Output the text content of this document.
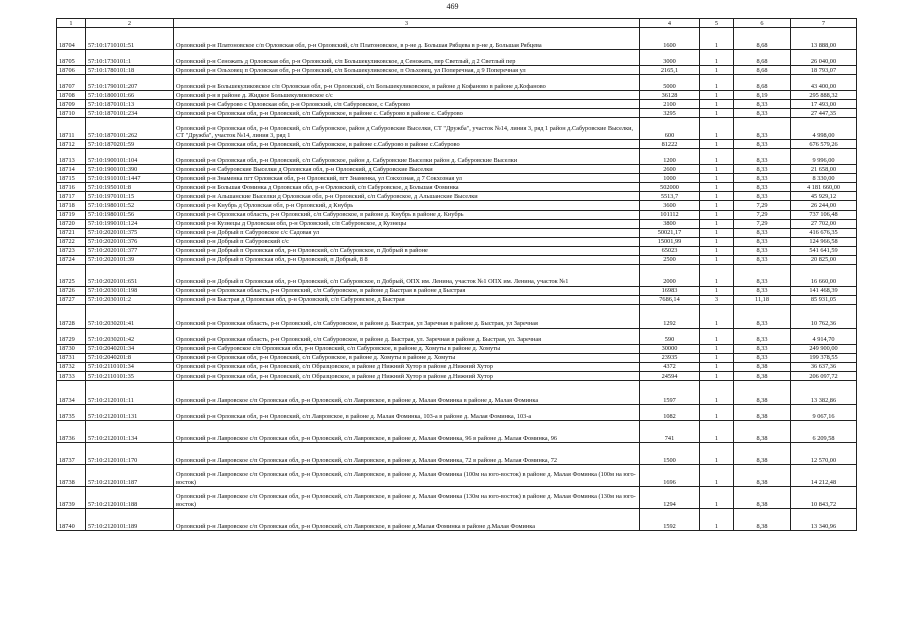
469
1	2	3	4	5	6	7
18704	57:10:1710101:51	Орловский р-н Платоновское с/п Орловская обл, р-н Орловский, с/п Платоновское, в р-не д. Большая Рябцева в р-не д. Большая Рябцева	1600	1	8,68	13 888,00
18705	57:10:1730101:1	Орловский р-н Сеножать д Орловская обл, р-н Орловский, с/п Большекуликовское, д Сеножать, пер Светлый, д 2 Светлый пер	3000	1	8,68	26 040,00
18706	57:10:1780101:18	Орловский р-н Ольховец п Орловская обл, р-н Орловский, с/п Большекуликовское, п Ольховец, ул Поперечная, д 9 Поперечная ул	2165,1	1	8,68	18 793,07
18707	57:10:1790101:207	Орловский р-н Большекуликовское с/п Орловская обл, р-н Орловский, с/п Большекуликовское, в районе д Кофаново в районе д.Кофаново	5000	1	8,68	43 400,00
18708	57:10:1800101:66	Орловский р-н в районе д. Жидкое Большекуликовское с/с	36128	1	8,19	295 888,32
18709	57:10:1870101:13	Орловский р-н Сабурово с Орловская обл, р-н Орловский, с/п Сабуровское, с Сабурово	2100	1	8,33	17 493,00
18710	57:10:1870101:234	Орловский р-н Орловская обл, р-н Орловский, с/п Сабуровское, в районе с. Сабурово в районе с. Сабурово	3295	1	8,33	27 447,35
18711	57:10:1870101:262	Орловский р-н Орловская обл, р-н Орловский, с/п Сабуровское, район д Сабуровские Выселки, СТ "Дружба", участок №14, линия 3, ряд 1 район д.Сабуровские Выселки, СТ "Дружба", участок №14, линия 3, ряд 1	600	1	8,33	4 998,00
18712	57:10:1870201:59	Орловский р-н Орловская обл, р-н Орловский, с/п Сабуровское, в районе с.Сабурово в районе с.Сабурово	81222	1	8,33	676 579,26
18713	57:10:1900101:104	Орловский р-н Орловская обл, р-н Орловский, с/п Сабуровское, район д. Сабуровские Выселки район д. Сабуровские Выселки	1200	1	8,33	9 996,00
18714	57:10:1900101:390	Орловский р-н Сабуровские Выселки д Орловская обл, р-н Орловский, д Сабуровские Выселки	2600	1	8,33	21 658,00
18715	57:10:1910101:1447	Орловский р-н Знаменка пгт Орловская обл, р-н Орловский, пгт Знаменка, ул Сокхозная, д 7 Сокхозная ул	1000	1	8,33	8 330,00
18716	57:10:1950101:8	Орловский р-н Большая Фоминка д Орловская обл, р-н Орловский, с/п Сабуровское, д Большая Фоминка	502000	1	8,33	4 181 660,00
18717	57:10:1970101:15	Орловский р-н Альшанские Выселки д Орловская обл, р-н Орловский, с/п Сабуровское, д Альшанские Выселки	5513,7	1	8,33	45 929,12
18718	57:10:1980101:52	Орловский р-н Кнубрь д Орловская обл, р-н Орловский, д Кнубрь	3600	1	7,29	26 244,00
18719	57:10:1980101:56	Орловский р-н Орловская область, р-н Орловский, с/п Сабуровское, в районе д. Кнубрь в районе д. Кнубрь	101112	1	7,29	737 106,48
18720	57:10:1990101:124	Орловский р-н Кузнецы д Орловская обл, р-н Орловский, с/п Сабуровское, д Кузнецы	3800	1	7,29	27 702,00
18721	57:10:2020101:375	Орловский р-н Добрый п Сабуровское с/с Садовая ул	50021,17	1	8,33	416 676,35
18722	57:10:2020101:376	Орловский р-н Добрый п Сабуровский с/с	15001,99	1	8,33	124 966,58
18723	57:10:2020101:377	Орловский р-н Добрый п Орловская обл, р-н Орловский, с/п Сабуровское, п Добрый в районе	65023	1	8,33	541 641,59
18724	57:10:2020101:39	Орловский р-н Добрый п Орловская обл, р-н Орловский, п Добрый, 8 8	2500	1	8,33	20 825,00
18725	57:10:2020101:651	Орловский р-н Добрый п Орловская обл, р-н Орловский, с/п Сабуровское, п Добрый, ОПХ им. Ленина, участок №1 ОПХ им. Ленина, участок №1	2000	1	8,33	16 660,00
18726	57:10:2030101:198	Орловский р-н Орловская область, р-н Орловский, с/п Сабуровское, в районе д Быстрая в районе д Быстрая	16983	1	8,33	141 468,39
18727	57:10:2030101:2	Орловский р-н Быстрая д Орловская обл, р-н Орловский, с/п Сабуровское, д Быстрая	7686,14	3	11,18	85 931,05
18728	57:10:2030201:41	Орловский р-н Орловская область, р-н Орловский, с/п Сабуровское, в районе д. Быстрая, ул Заречная в районе д. Быстрая, ул Заречная	1292	1	8,33	10 762,36
18729	57:10:2030201:42	Орловский р-н Орловская область, р-н Орловский, с/п Сабуровское, в районе д. Быстрая, ул. Заречная в районе д. Быстрая, ул. Заречная	590	1	8,33	4 914,70
18730	57:10:2040201:34	Орловский р-н Сабуровское с/п Орловская обл, р-н Орловский, с/п Сабуровское, в районе д. Хомуты в районе д. Хомуты	30000	1	8,33	249 900,00
18731	57:10:2040201:8	Орловский р-н Орловская обл, р-н Орловский, с/п Сабуровское, в районе д. Хомуты в районе д. Хомуты	23935	1	8,33	199 378,55
18732	57:10:2110101:34	Орловский р-н Орловская обл, р-н Орловский, с/п Образцовское, в районе д Нижний Хутор в районе д.Нижний Хутор	4372	1	8,38	36 637,36
18733	57:10:2110101:35	Орловский р-н Орловская обл, р-н Орловский, с/п Образцовское, в районе д Нижний Хутор в районе д.Нижний Хутор	24594	1	8,38	206 097,72
18734	57:10:2120101:11	Орловский р-н Лавровское с/п Орловская обл, р-н Орловский, с/п Лавровское, в районе д. Малая Фоминка в районе д. Малая Фоминка	1597	1	8,38	13 382,86
18735	57:10:2120101:131	Орловский р-н Орловская обл, р-н Орловский, с/п Лавровское, в районе д. Малая Фоминка, 103-а в районе д. Малая Фоминка, 103-а	1082	1	8,38	9 067,16
18736	57:10:2120101:134	Орловский р-н Лавровское с/п Орловская обл, р-н Орловский, с/п Лавровское, в районе д. Малая Фоминка, 96 в районе д. Малая Фоминка, 96	741	1	8,38	6 209,58
18737	57:10:2120101:170	Орловский р-н Лавровское с/п Орловская обл, р-н Орловский, с/п Лавровское, в районе д. Малая Фоминка, 72 в районе д. Малая Фоминка, 72	1500	1	8,38	12 570,00
18738	57:10:2120101:187	Орловский р-н Лавровское с/п Орловская обл, р-н Орловский, с/п Лавровское, в районе д. Малая Фоминка (100м на юго-восток) в районе д. Малая Фоминка (100м на юго-восток)	1696	1	8,38	14 212,48
18739	57:10:2120101:188	Орловский р-н Лавровское с/п Орловская обл, р-н Орловский, с/п Лавровское, в районе д. Малая Фоминка (130м на юго-восток) в районе д. Малая Фоминка (130м на юго-восток)	1294	1	8,38	10 843,72
18740	57:10:2120101:189	Орловский р-н Лавровское с/п Орловская обл, р-н Орловский, с/п Лавровское, в районе д.Малая Фоминка в районе д.Малая Фоминка	1592	1	8,38	13 340,96
